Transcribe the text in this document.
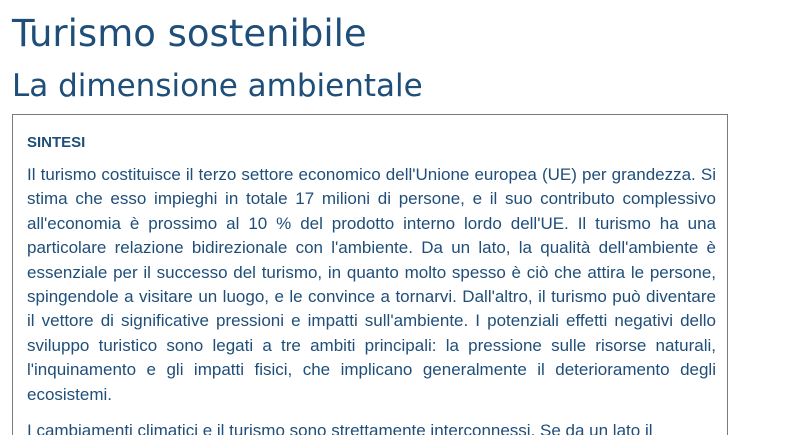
Turismo sostenibile
La dimensione ambientale
SINTESI

Il turismo costituisce il terzo settore economico dell'Unione europea (UE) per grandezza. Si stima che esso impieghi in totale 17 milioni di persone, e il suo contributo complessivo all'economia è prossimo al 10 % del prodotto interno lordo dell'UE. Il turismo ha una particolare relazione bidirezionale con l'ambiente. Da un lato, la qualità dell'ambiente è essenziale per il successo del turismo, in quanto molto spesso è ciò che attira le persone, spingendole a visitare un luogo, e le convince a tornarvi. Dall'altro, il turismo può diventare il vettore di significative pressioni e impatti sull'ambiente. I potenziali effetti negativi dello sviluppo turistico sono legati a tre ambiti principali: la pressione sulle risorse naturali, l'inquinamento e gli impatti fisici, che implicano generalmente il deterioramento degli ecosistemi.

I cambiamenti climatici e il turismo sono strettamente interconnessi. Se da un lato il
